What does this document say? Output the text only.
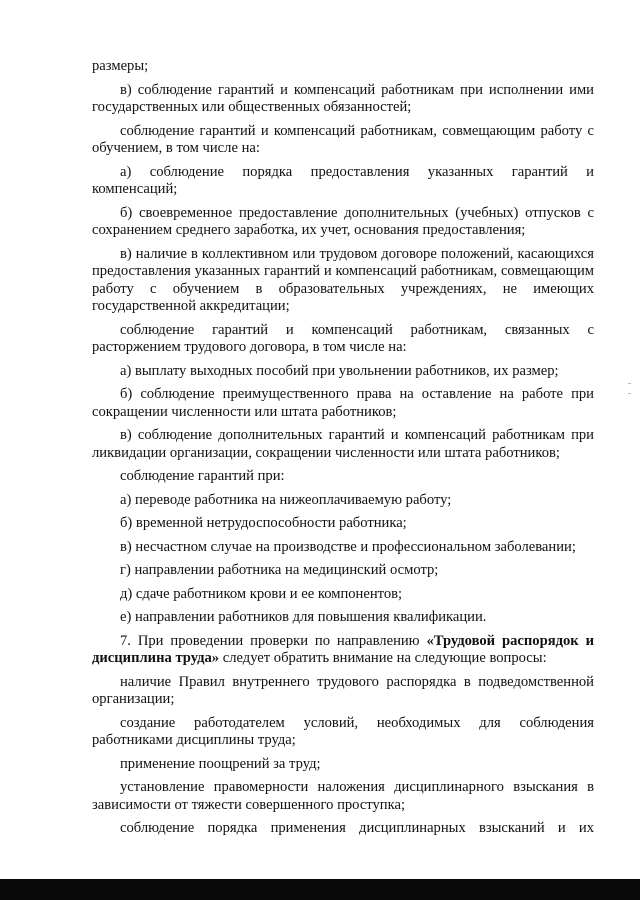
размеры;

в) соблюдение гарантий и компенсаций работникам при исполнении ими государственных или общественных обязанностей;

соблюдение гарантий и компенсаций работникам, совмещающим работу с обучением, в том числе на:

а) соблюдение порядка предоставления указанных гарантий и компенсаций;

б) своевременное предоставление дополнительных (учебных) отпусков с сохранением среднего заработка, их учет, основания предоставления;

в) наличие в коллективном или трудовом договоре положений, касающихся предоставления указанных гарантий и компенсаций работникам, совмещающим работу с обучением в образовательных учреждениях, не имеющих государственной аккредитации;

соблюдение гарантий и компенсаций работникам, связанных с расторжением трудового договора, в том числе на:

а) выплату выходных пособий при увольнении работников, их размер;

б) соблюдение преимущественного права на оставление на работе при сокращении численности или штата работников;

в) соблюдение дополнительных гарантий и компенсаций работникам при ликвидации организации, сокращении численности или штата работников;

соблюдение гарантий при:

а) переводе работника на нижеоплачиваемую работу;

б) временной нетрудоспособности работника;

в) несчастном случае на производстве и профессиональном заболевании;

г) направлении работника на медицинский осмотр;

д) сдаче работником крови и ее компонентов;

е) направлении работников для повышения квалификации.

7. При проведении проверки по направлению «Трудовой распорядок и дисциплина труда» следует обратить внимание на следующие вопросы:

наличие Правил внутреннего трудового распорядка в подведомственной организации;

создание работодателем условий, необходимых для соблюдения работниками дисциплины труда;

применение поощрений за труд;

установление правомерности наложения дисциплинарного взыскания в зависимости от тяжести совершенного проступка;

соблюдение порядка применения дисциплинарных взысканий и их
